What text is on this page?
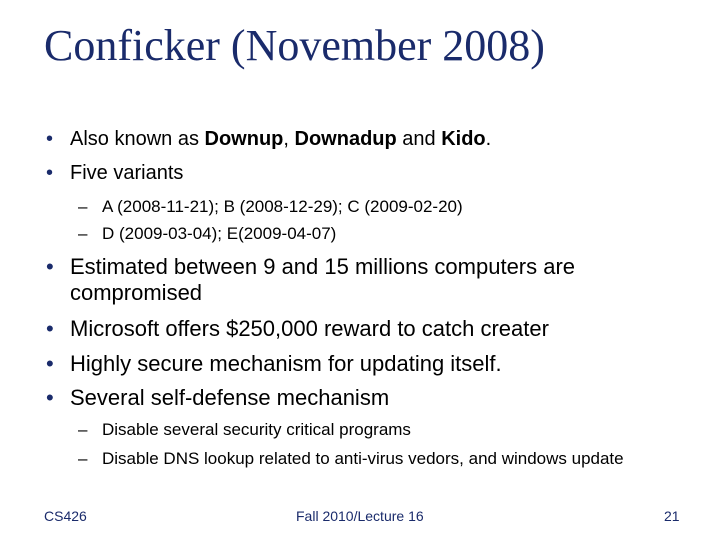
Conficker (November 2008)
• Also known as Downup, Downadup and Kido.
• Five variants
– A (2008-11-21); B (2008-12-29); C (2009-02-20)
– D (2009-03-04); E(2009-04-07)
• Estimated between 9 and 15 millions computers are compromised
• Microsoft offers $250,000 reward to catch creater
• Highly secure mechanism for updating itself.
• Several self-defense mechanism
– Disable several security critical programs
– Disable DNS lookup related to anti-virus vedors, and windows update
CS426	Fall 2010/Lecture 16	21
